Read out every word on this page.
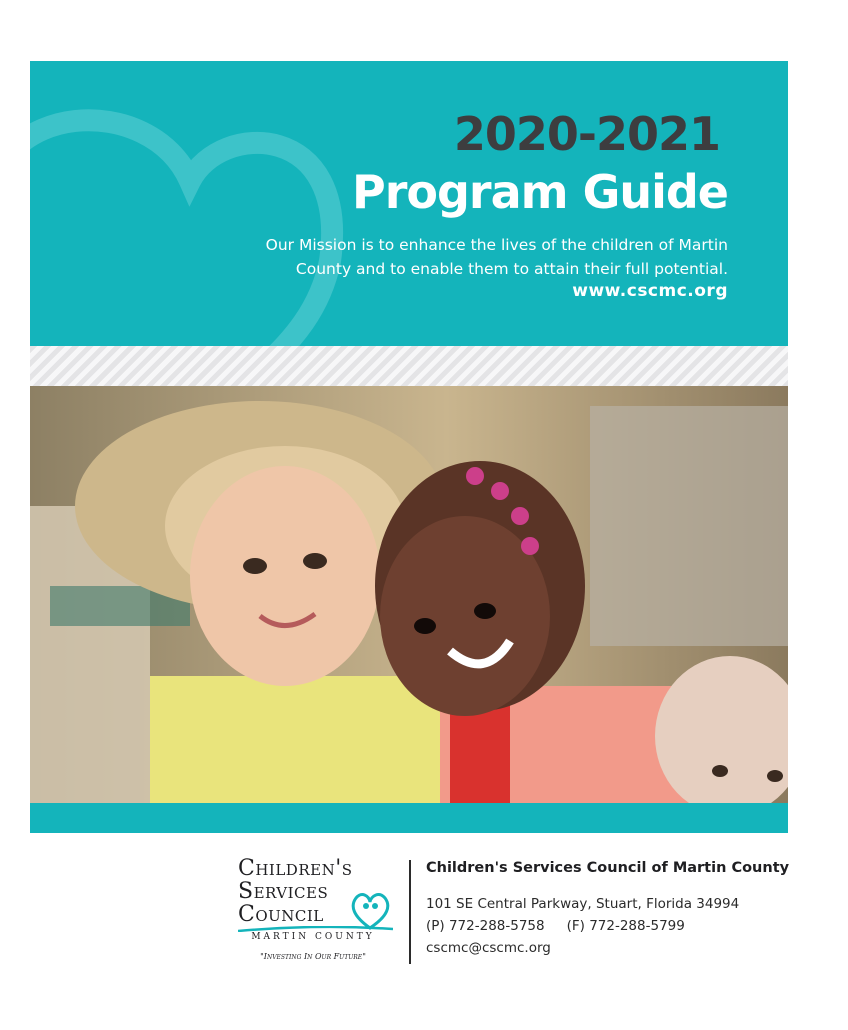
2020-2021
Program Guide
Our Mission is to enhance the lives of the children of Martin
County and to enable them to attain their full potential.
www.cscmc.org
Children's
Services
Council
MARTIN COUNTY
"Investing In Our Future"
Children's Services Council of Martin County
101 SE Central Parkway, Stuart, Florida 34994
(P) 772-288-5758 (F) 772-288-5799
cscmc@cscmc.org
